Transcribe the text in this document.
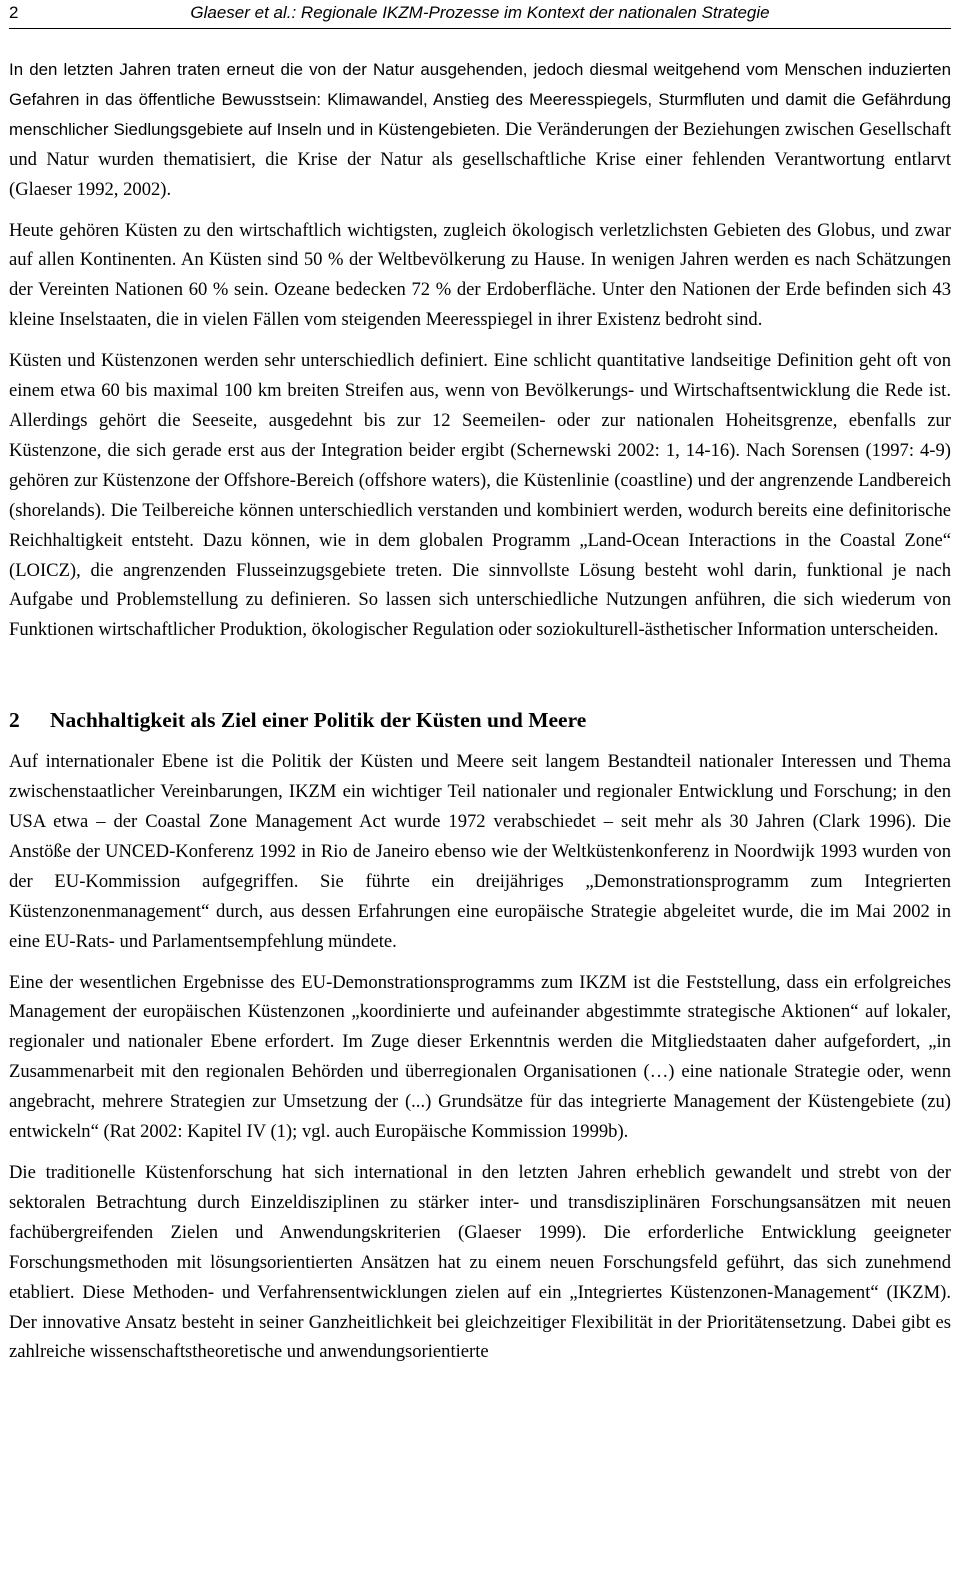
2	Glaeser et al.: Regionale IKZM-Prozesse im Kontext der nationalen Strategie

In den letzten Jahren traten erneut die von der Natur ausgehenden, jedoch diesmal weitgehend vom Menschen induzierten Gefahren in das öffentliche Bewusstsein: Klimawandel, Anstieg des Meeresspiegels, Sturmfluten und damit die Gefährdung menschlicher Siedlungsgebiete auf Inseln und in Küstengebieten. Die Veränderungen der Beziehungen zwischen Gesellschaft und Natur wurden thematisiert, die Krise der Natur als gesellschaftliche Krise einer fehlenden Verantwortung entlarvt (Glaeser 1992, 2002).

Heute gehören Küsten zu den wirtschaftlich wichtigsten, zugleich ökologisch verletzlichsten Gebieten des Globus, und zwar auf allen Kontinenten. An Küsten sind 50 % der Weltbevölkerung zu Hause. In wenigen Jahren werden es nach Schätzungen der Vereinten Nationen 60 % sein. Ozeane bedecken 72 % der Erdoberfläche. Unter den Nationen der Erde befinden sich 43 kleine Inselstaaten, die in vielen Fällen vom steigenden Meeresspiegel in ihrer Existenz bedroht sind.

Küsten und Küstenzonen werden sehr unterschiedlich definiert. Eine schlicht quantitative landseitige Definition geht oft von einem etwa 60 bis maximal 100 km breiten Streifen aus, wenn von Bevölkerungs- und Wirtschaftsentwicklung die Rede ist. Allerdings gehört die Seeseite, ausgedehnt bis zur 12 Seemeilen- oder zur nationalen Hoheitsgrenze, ebenfalls zur Küstenzone, die sich gerade erst aus der Integration beider ergibt (Schernewski 2002: 1, 14-16). Nach Sorensen (1997: 4-9) gehören zur Küstenzone der Offshore-Bereich (offshore waters), die Küstenlinie (coastline) und der angrenzende Landbereich (shorelands). Die Teilbereiche können unterschiedlich verstanden und kombiniert werden, wodurch bereits eine definitorische Reichhaltigkeit entsteht. Dazu können, wie in dem globalen Programm „Land-Ocean Interactions in the Coastal Zone“ (LOICZ), die angrenzenden Flusseinzugsgebiete treten. Die sinnvollste Lösung besteht wohl darin, funktional je nach Aufgabe und Problemstellung zu definieren. So lassen sich unterschiedliche Nutzungen anführen, die sich wiederum von Funktionen wirtschaftlicher Produktion, ökologischer Regulation oder soziokulturell-ästhetischer Information unterscheiden.

2 Nachhaltigkeit als Ziel einer Politik der Küsten und Meere

Auf internationaler Ebene ist die Politik der Küsten und Meere seit langem Bestandteil nationaler Interessen und Thema zwischenstaatlicher Vereinbarungen, IKZM ein wichtiger Teil nationaler und regionaler Entwicklung und Forschung; in den USA etwa – der Coastal Zone Management Act wurde 1972 verabschiedet – seit mehr als 30 Jahren (Clark 1996). Die Anstöße der UNCED-Konferenz 1992 in Rio de Janeiro ebenso wie der Weltküstenkonferenz in Noordwijk 1993 wurden von der EU-Kommission aufgegriffen. Sie führte ein dreijähriges „Demonstrationsprogramm zum Integrierten Küstenzonenmanagement“ durch, aus dessen Erfahrungen eine europäische Strategie abgeleitet wurde, die im Mai 2002 in eine EU-Rats- und Parlamentsempfehlung mündete.

Eine der wesentlichen Ergebnisse des EU-Demonstrationsprogramms zum IKZM ist die Feststellung, dass ein erfolgreiches Management der europäischen Küstenzonen „koordinierte und aufeinander abgestimmte strategische Aktionen“ auf lokaler, regionaler und nationaler Ebene erfordert. Im Zuge dieser Erkenntnis werden die Mitgliedstaaten daher aufgefordert, „in Zusammenarbeit mit den regionalen Behörden und überregionalen Organisationen (…) eine nationale Strategie oder, wenn angebracht, mehrere Strategien zur Umsetzung der (...) Grundsätze für das integrierte Management der Küstengebiete (zu) entwickeln“ (Rat 2002: Kapitel IV (1); vgl. auch Europäische Kommission 1999b).

Die traditionelle Küstenforschung hat sich international in den letzten Jahren erheblich gewandelt und strebt von der sektoralen Betrachtung durch Einzeldisziplinen zu stärker inter- und transdisziplinären Forschungsansätzen mit neuen fachübergreifenden Zielen und Anwendungskriterien (Glaeser 1999). Die erforderliche Entwicklung geeigneter Forschungsmethoden mit lösungsorientierten Ansätzen hat zu einem neuen Forschungsfeld geführt, das sich zunehmend etabliert. Diese Methoden- und Verfahrensentwicklungen zielen auf ein „Integriertes Küstenzonen-Management“ (IKZM). Der innovative Ansatz besteht in seiner Ganzheitlichkeit bei gleichzeitiger Flexibilität in der Prioritätensetzung. Dabei gibt es zahlreiche wissenschaftstheoretische und anwendungsorientierte
